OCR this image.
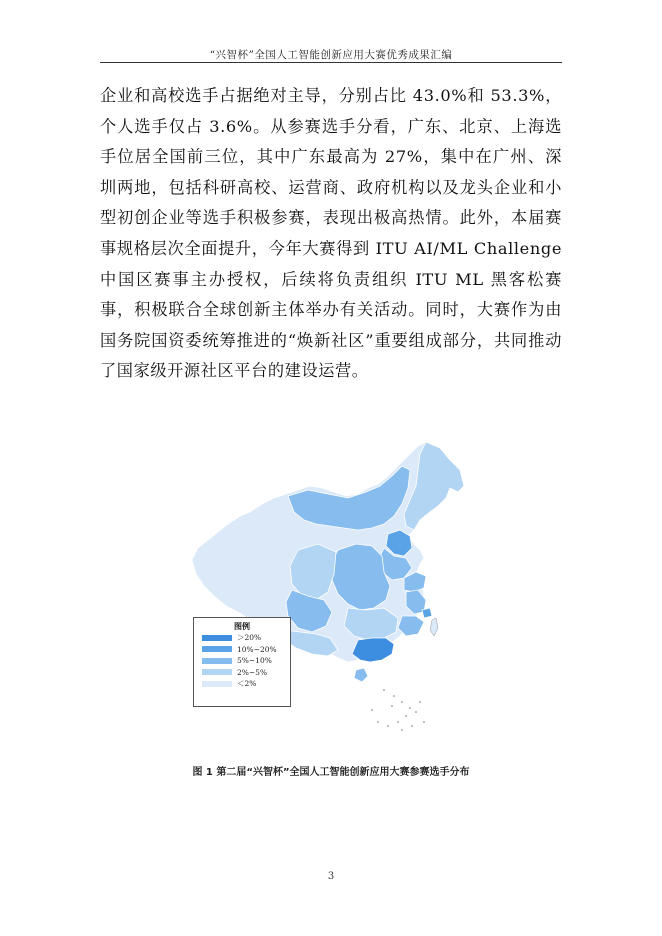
“兴智杯”全国人工智能创新应用大赛优秀成果汇编

企业和高校选手占据绝对主导，分别占比 43.0%和 53.3%，个人选手仅占 3.6%。从参赛选手分看，广东、北京、上海选手位居全国前三位，其中广东最高为 27%，集中在广州、深圳两地，包括科研高校、运营商、政府机构以及龙头企业和小型初创企业等选手积极参赛，表现出极高热情。此外，本届赛事规格层次全面提升，今年大赛得到 ITU AI/ML Challenge 中国区赛事主办授权，后续将负责组织 ITU ML 黑客松赛事，积极联合全球创新主体举办有关活动。同时，大赛作为由国务院国资委统筹推进的“焕新社区”重要组成部分，共同推动了国家级开源社区平台的建设运营。

图例
＞20%
10%~20%
5%~10%
2%~5%
＜2%
图 1 第二届“兴智杯”全国人工智能创新应用大赛参赛选手分布
3
